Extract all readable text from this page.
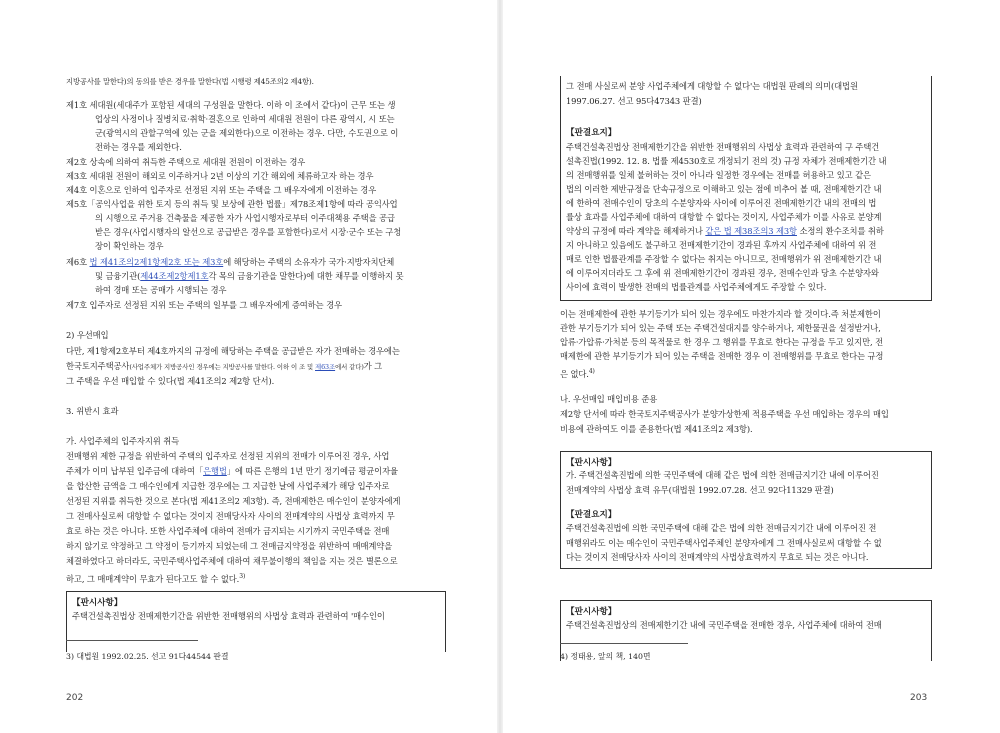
지방공사를 말한다)의 동의를 받은 경우를 말한다(법 시행령 제45조의2 제4항).
제1호 세대원(세대주가 포함된 세대의 구성원을 말한다. 이하 이 조에서 같다)이 근무 또는 생
업상의 사정이나 질병치료·취학·결혼으로 인하여 세대원 전원이 다른 광역시, 시 또는
군(광역시의 관할구역에 있는 군을 제외한다)으로 이전하는 경우. 다만, 수도권으로 이
전하는 경우를 제외한다.
제2호 상속에 의하여 취득한 주택으로 세대원 전원이 이전하는 경우
제3호 세대원 전원이 해외로 이주하거나 2년 이상의 기간 해외에 체류하고자 하는 경우
제4호 이혼으로 인하여 입주자로 선정된 지위 또는 주택을 그 배우자에게 이전하는 경우
제5호「공익사업을 위한 토지 등의 취득 및 보상에 관한 법률」제78조제1항에 따라 공익사업
의 시행으로 주거용 건축물을 제공한 자가 사업시행자로부터 이주대책용 주택을 공급
받은 경우(사업시행자의 알선으로 공급받은 경우를 포함한다)로서 시장·군수 또는 구청
장이 확인하는 경우
제6호 법 제41조의2제1항제2호 또는 제3호에 해당하는 주택의 소유자가 국가·지방자치단체
및 금융기관(제44조제2항제1호각 목의 금융기관을 말한다)에 대한 채무를 이행하지 못
하여 경매 또는 공매가 시행되는 경우
제7호 입주자로 선정된 지위 또는 주택의 일부를 그 배우자에게 증여하는 경우
2) 우선매입
다만, 제1항제2호부터 제4호까지의 규정에 해당하는 주택을 공급받은 자가 전매하는 경우에는
한국토지주택공사(사업주체가 지방공사인 경우에는 지방공사를 말한다. 이하 이 조 및 제63조에서 같다)가 그
그 주택을 우선 매입할 수 있다(법 제41조의2 제2항 단서).
3. 위반시 효과
가. 사업주체의 입주자지위 취득
전매행위 제한 규정을 위반하여 주택의 입주자로 선정된 지위의 전매가 이루어진 경우, 사업
주체가 이미 납부된 입주금에 대하여「은행법」에 따른 은행의 1년 만기 정기예금 평균이자율
을 합산한 금액을 그 매수인에게 지급한 경우에는 그 지급한 날에 사업주체가 해당 입주자로
선정된 지위를 취득한 것으로 본다(법 제41조의2 제3항). 즉, 전매제한은 매수인이 분양자에게
그 전매사실로써 대항할 수 없다는 것이지 전매당사자 사이의 전매계약의 사법상 효력까지 무
효로 하는 것은 아니다. 또한 사업주체에 대하여 전매가 금지되는 시기까지 국민주택을 전매
하지 않기로 약정하고 그 약정이 등기까지 되었는데 그 전매금지약정을 위반하여 매매계약을
체결하였다고 하더라도, 국민주택사업주체에 대하여 채무불이행의 책임을 지는 것은 별론으로
하고, 그 매매계약이 무효가 된다고도 할 수 없다.$^{3)}$
【판시사항】
주택건설촉진법상 전매제한기간을 위반한 전매행위의 사법상 효력과 관련하여 '매수인이
3) 대법원 1992.02.25. 선고 91다44544 판결
202
그 전매 사실로써 분양 사업주체에게 대항할 수 없다'는 대법원 판례의 의미(대법원
1997.06.27. 선고 95다47343 판결)
【판결요지】
주택건설촉진법상 전매제한기간을 위반한 전매행위의 사법상 효력과 관련하여 구 주택건
설촉진법(1992. 12. 8. 법률 제4530호로 개정되기 전의 것) 규정 자체가 전매제한기간 내
의 전매행위를 일체 불허하는 것이 아니라 일정한 경우에는 전매를 허용하고 있고 같은
법의 이러한 제반규정을 단속규정으로 이해하고 있는 점에 비추어 볼 때, 전매제한기간 내
에 한하여 전매수인이 당초의 수분양자와 사이에 이루어진 전매제한기간 내의 전매의 법
률상 효과를 사업주체에 대하여 대항할 수 없다는 것이지, 사업주체가 이를 사유로 분양계
약상의 규정에 따라 계약을 해제하거나 같은 법 제38조의3 제3항 소정의 환수조치를 취하
지 아니하고 있음에도 불구하고 전매제한기간이 경과된 후까지 사업주체에 대하여 위 전
매로 인한 법률관계를 주장할 수 없다는 취지는 아니므로, 전매행위가 위 전매제한기간 내
에 이루어지더라도 그 후에 위 전매제한기간이 경과된 경우, 전매수인과 당초 수분양자와
사이에 효력이 발생한 전매의 법률관계를 사업주체에게도 주장할 수 있다.
이는 전매제한에 관한 부기등기가 되어 있는 경우에도 마찬가지라 할 것이다.즉 처분제한이
관한 부기등기가 되어 있는 주택 또는 주택건설대지를 양수하거나, 제한물권을 설정받거나,
압류·가압류·가처분 등의 목적물로 한 경우 그 행위를 무효로 한다는 규정을 두고 있지만, 전
매제한에 관한 부기등기가 되어 있는 주택을 전매한 경우 이 전매행위를 무효로 한다는 규정
은 없다.$^{4)}$
나. 우선매입 매입비용 준용
제2항 단서에 따라 한국토지주택공사가 분양가상한제 적용주택을 우선 매입하는 경우의 매입
비용에 관하여도 이를 준용한다(법 제41조의2 제3항).
【판시사항】
가. 주택건설촉진법에 의한 국민주택에 대해 같은 법에 의한 전매금지기간 내에 이루어진
전매계약의 사법상 효력 유무(대법원 1992.07.28. 선고 92다11329 판결)
【판결요지】
주택건설촉진법에 의한 국민주택에 대해 같은 법에 의한 전매금지기간 내에 이루어진 전
매행위라도 이는 매수인이 국민주택사업주체인 분양자에게 그 전매사실로써 대항할 수 없
다는 것이지 전매당사자 사이의 전매계약의 사법상효력까지 무효로 되는 것은 아니다.
【판시사항】
주택건설촉진법상의 전매제한기간 내에 국민주택을 전매한 경우, 사업주체에 대하여 전매
4) 정태용, 앞의 책, 140면
203
